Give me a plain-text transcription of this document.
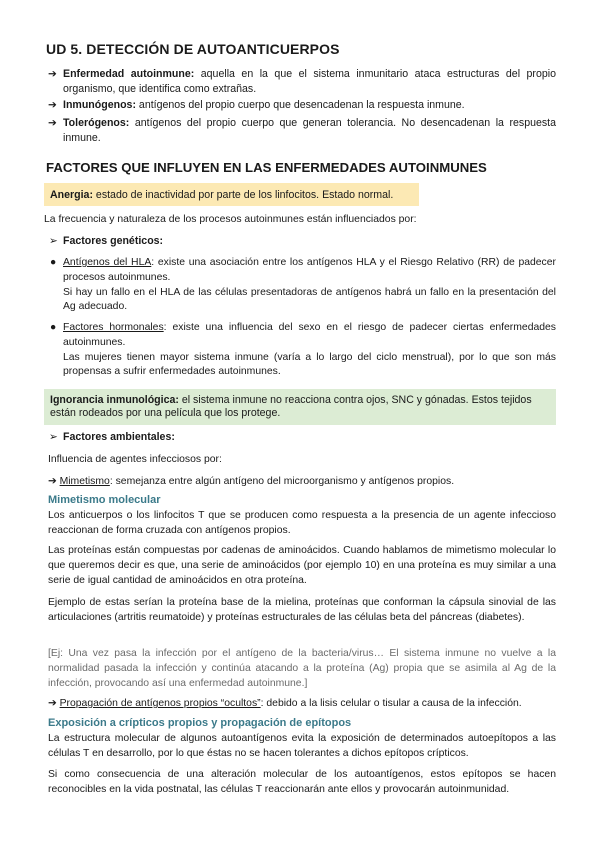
UD 5. DETECCIÓN DE AUTOANTICUERPOS
➔ Enfermedad autoinmune: aquella en la que el sistema inmunitario ataca estructuras del propio organismo, que identifica como extrañas.
➔ Inmunógenos: antígenos del propio cuerpo que desencadenan la respuesta inmune.
➔ Tolerógenos: antígenos del propio cuerpo que generan tolerancia. No desencadenan la respuesta inmune.
FACTORES QUE INFLUYEN EN LAS ENFERMEDADES AUTOINMUNES
Anergia: estado de inactividad por parte de los linfocitos. Estado normal.
La frecuencia y naturaleza de los procesos autoinmunes están influenciados por:
➢ Factores genéticos:
● Antígenos del HLA: existe una asociación entre los antígenos HLA y el Riesgo Relativo (RR) de padecer procesos autoinmunes.
Si hay un fallo en el HLA de las células presentadoras de antígenos habrá un fallo en la presentación del Ag adecuado.
● Factores hormonales: existe una influencia del sexo en el riesgo de padecer ciertas enfermedades autoinmunes.
Las mujeres tienen mayor sistema inmune (varía a lo largo del ciclo menstrual), por lo que son más propensas a sufrir enfermedades autoinmunes.
Ignorancia inmunológica: el sistema inmune no reacciona contra ojos, SNC y gónadas. Estos tejidos están rodeados por una película que los protege.
➢ Factores ambientales:
Influencia de agentes infecciosos por:
➔ Mimetismo: semejanza entre algún antígeno del microorganismo y antígenos propios.
Mimetismo molecular
Los anticuerpos o los linfocitos T que se producen como respuesta a la presencia de un agente infeccioso reaccionan de forma cruzada con antígenos propios.
Las proteínas están compuestas por cadenas de aminoácidos. Cuando hablamos de mimetismo molecular lo que queremos decir es que, una serie de aminoácidos (por ejemplo 10) en una proteína es muy similar a una serie de igual cantidad de aminoácidos en otra proteína.
Ejemplo de estas serían la proteína base de la mielina, proteínas que conforman la cápsula sinovial de las articulaciones (artritis reumatoide) y proteínas estructurales de las células beta del páncreas (diabetes).
[Ej: Una vez pasa la infección por el antígeno de la bacteria/virus… El sistema inmune no vuelve a la normalidad pasada la infección y continúa atacando a la proteína (Ag) propia que se asimila al Ag de la infección, provocando así una enfermedad autoinmune.]
➔ Propagación de antígenos propios “ocultos”: debido a la lisis celular o tisular a causa de la infección.
Exposición a crípticos propios y propagación de epítopos
La estructura molecular de algunos autoantígenos evita la exposición de determinados autoepítopos a las células T en desarrollo, por lo que éstas no se hacen tolerantes a dichos epítopos crípticos.
Si como consecuencia de una alteración molecular de los autoantígenos, estos epítopos se hacen reconocibles en la vida postnatal, las células T reaccionarán ante ellos y provocarán autoinmunidad.
